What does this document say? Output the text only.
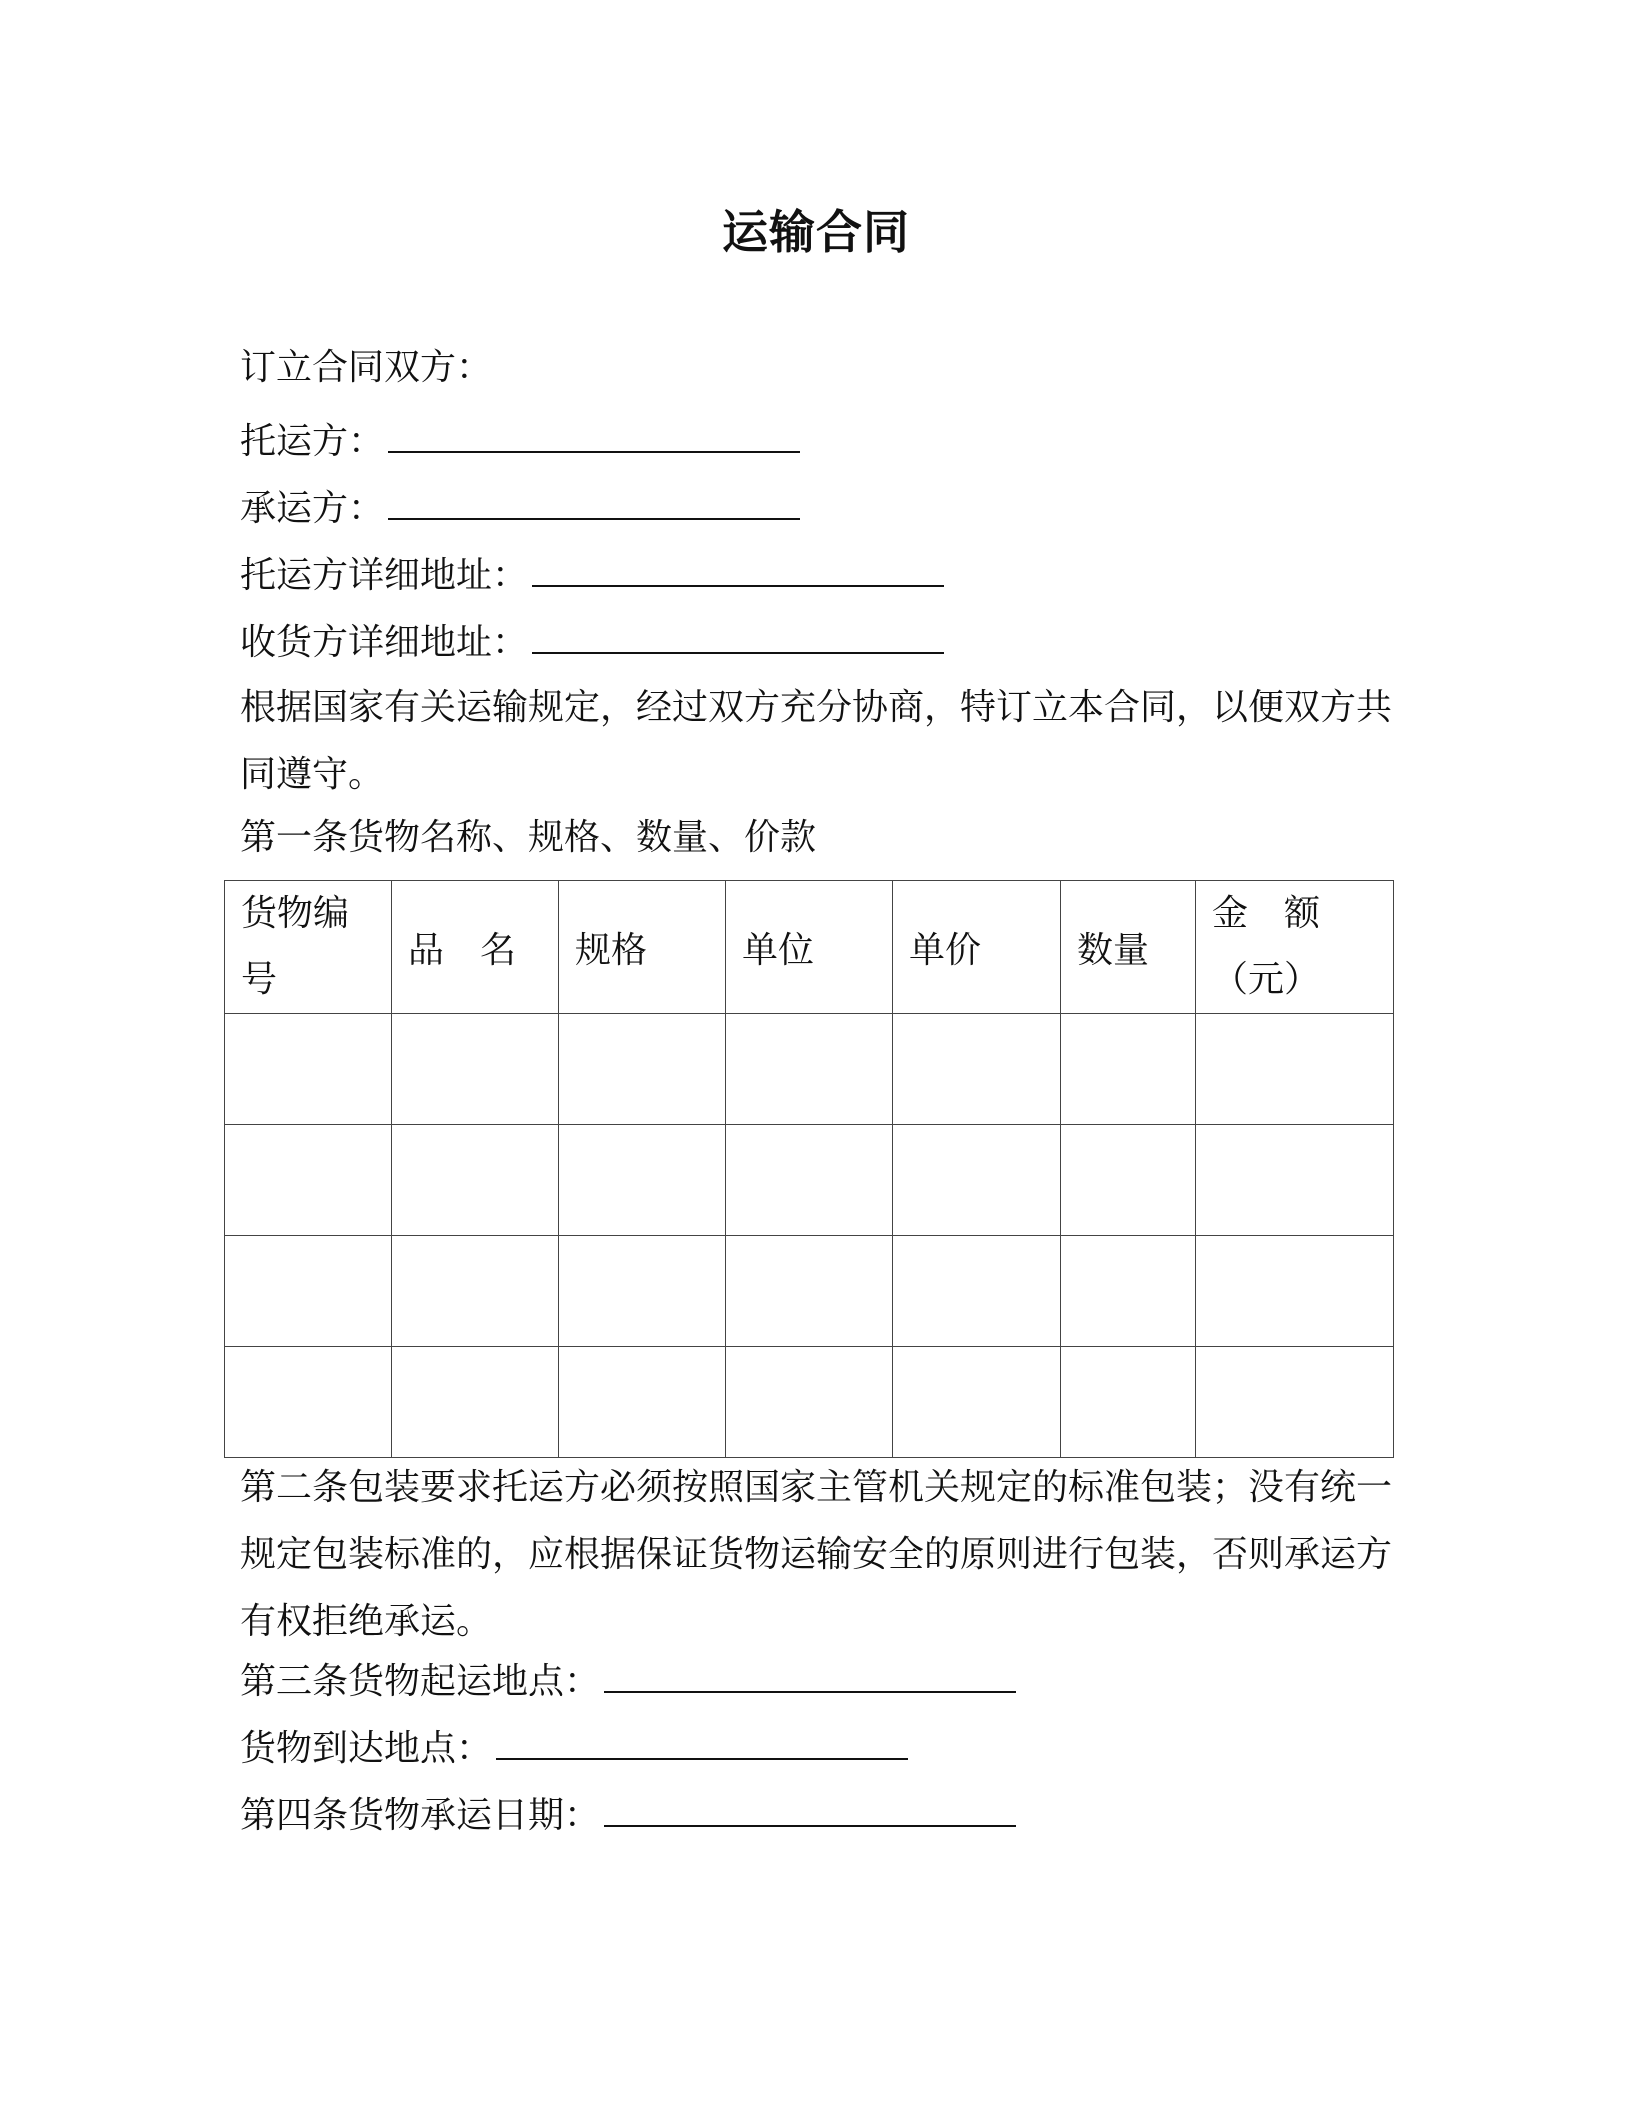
运输合同
订立合同双方：
托运方：
承运方：
托运方详细地址：
收货方详细地址：
根据国家有关运输规定，经过双方充分协商，特订立本合同，以便双方共同遵守。
第一条货物名称、规格、数量、价款
货物编号	品　名	规格	单位	单价	数量	金　额（元）

第二条包装要求托运方必须按照国家主管机关规定的标准包装；没有统一规定包装标准的，应根据保证货物运输安全的原则进行包装，否则承运方有权拒绝承运。
第三条货物起运地点：
货物到达地点：
第四条货物承运日期：
